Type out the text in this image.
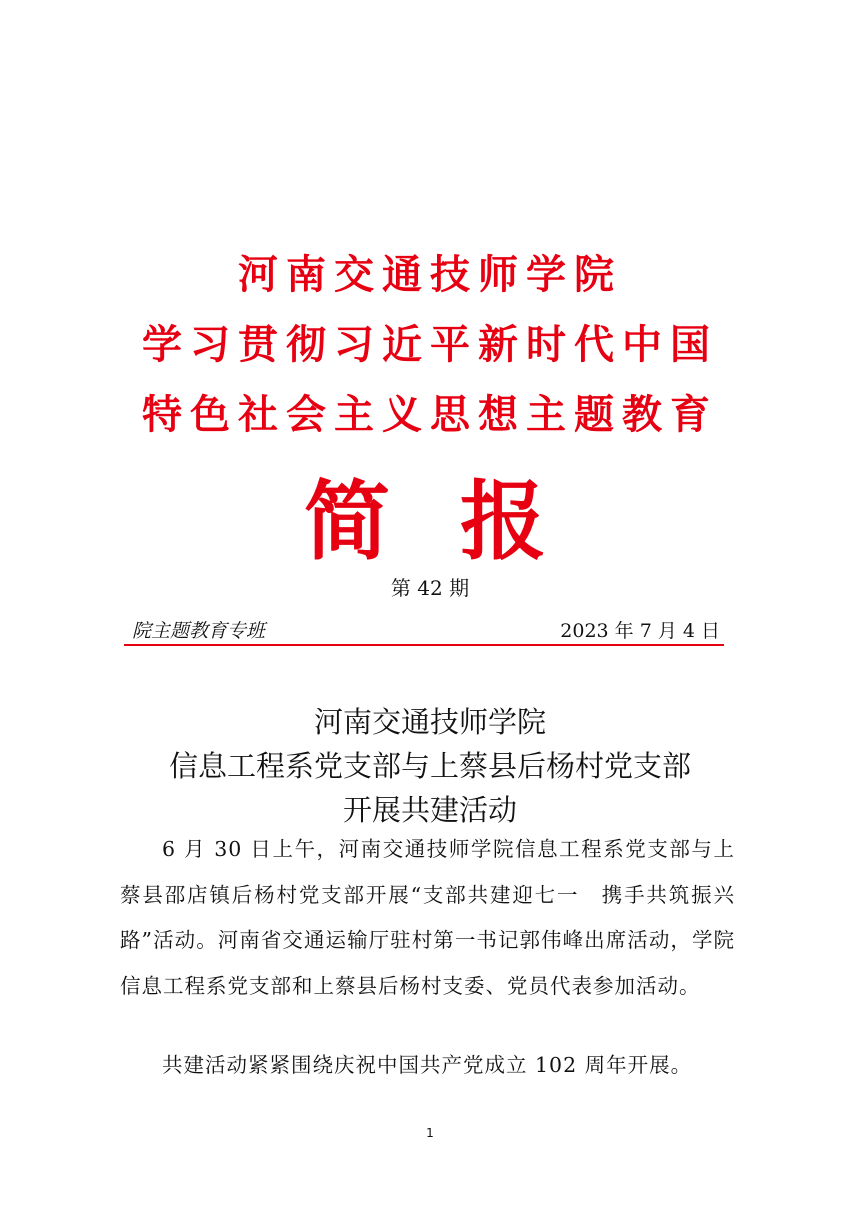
河南交通技师学院
学习贯彻习近平新时代中国
特色社会主义思想主题教育
简报
第 42 期
院主题教育专班	2023 年 7 月 4 日
河南交通技师学院
信息工程系党支部与上蔡县后杨村党支部
开展共建活动
6 月 30 日上午，河南交通技师学院信息工程系党支部与上蔡县邵店镇后杨村党支部开展“支部共建迎七一　携手共筑振兴路”活动。河南省交通运输厅驻村第一书记郭伟峰出席活动，学院信息工程系党支部和上蔡县后杨村支委、党员代表参加活动。
共建活动紧紧围绕庆祝中国共产党成立 102 周年开展。
1
